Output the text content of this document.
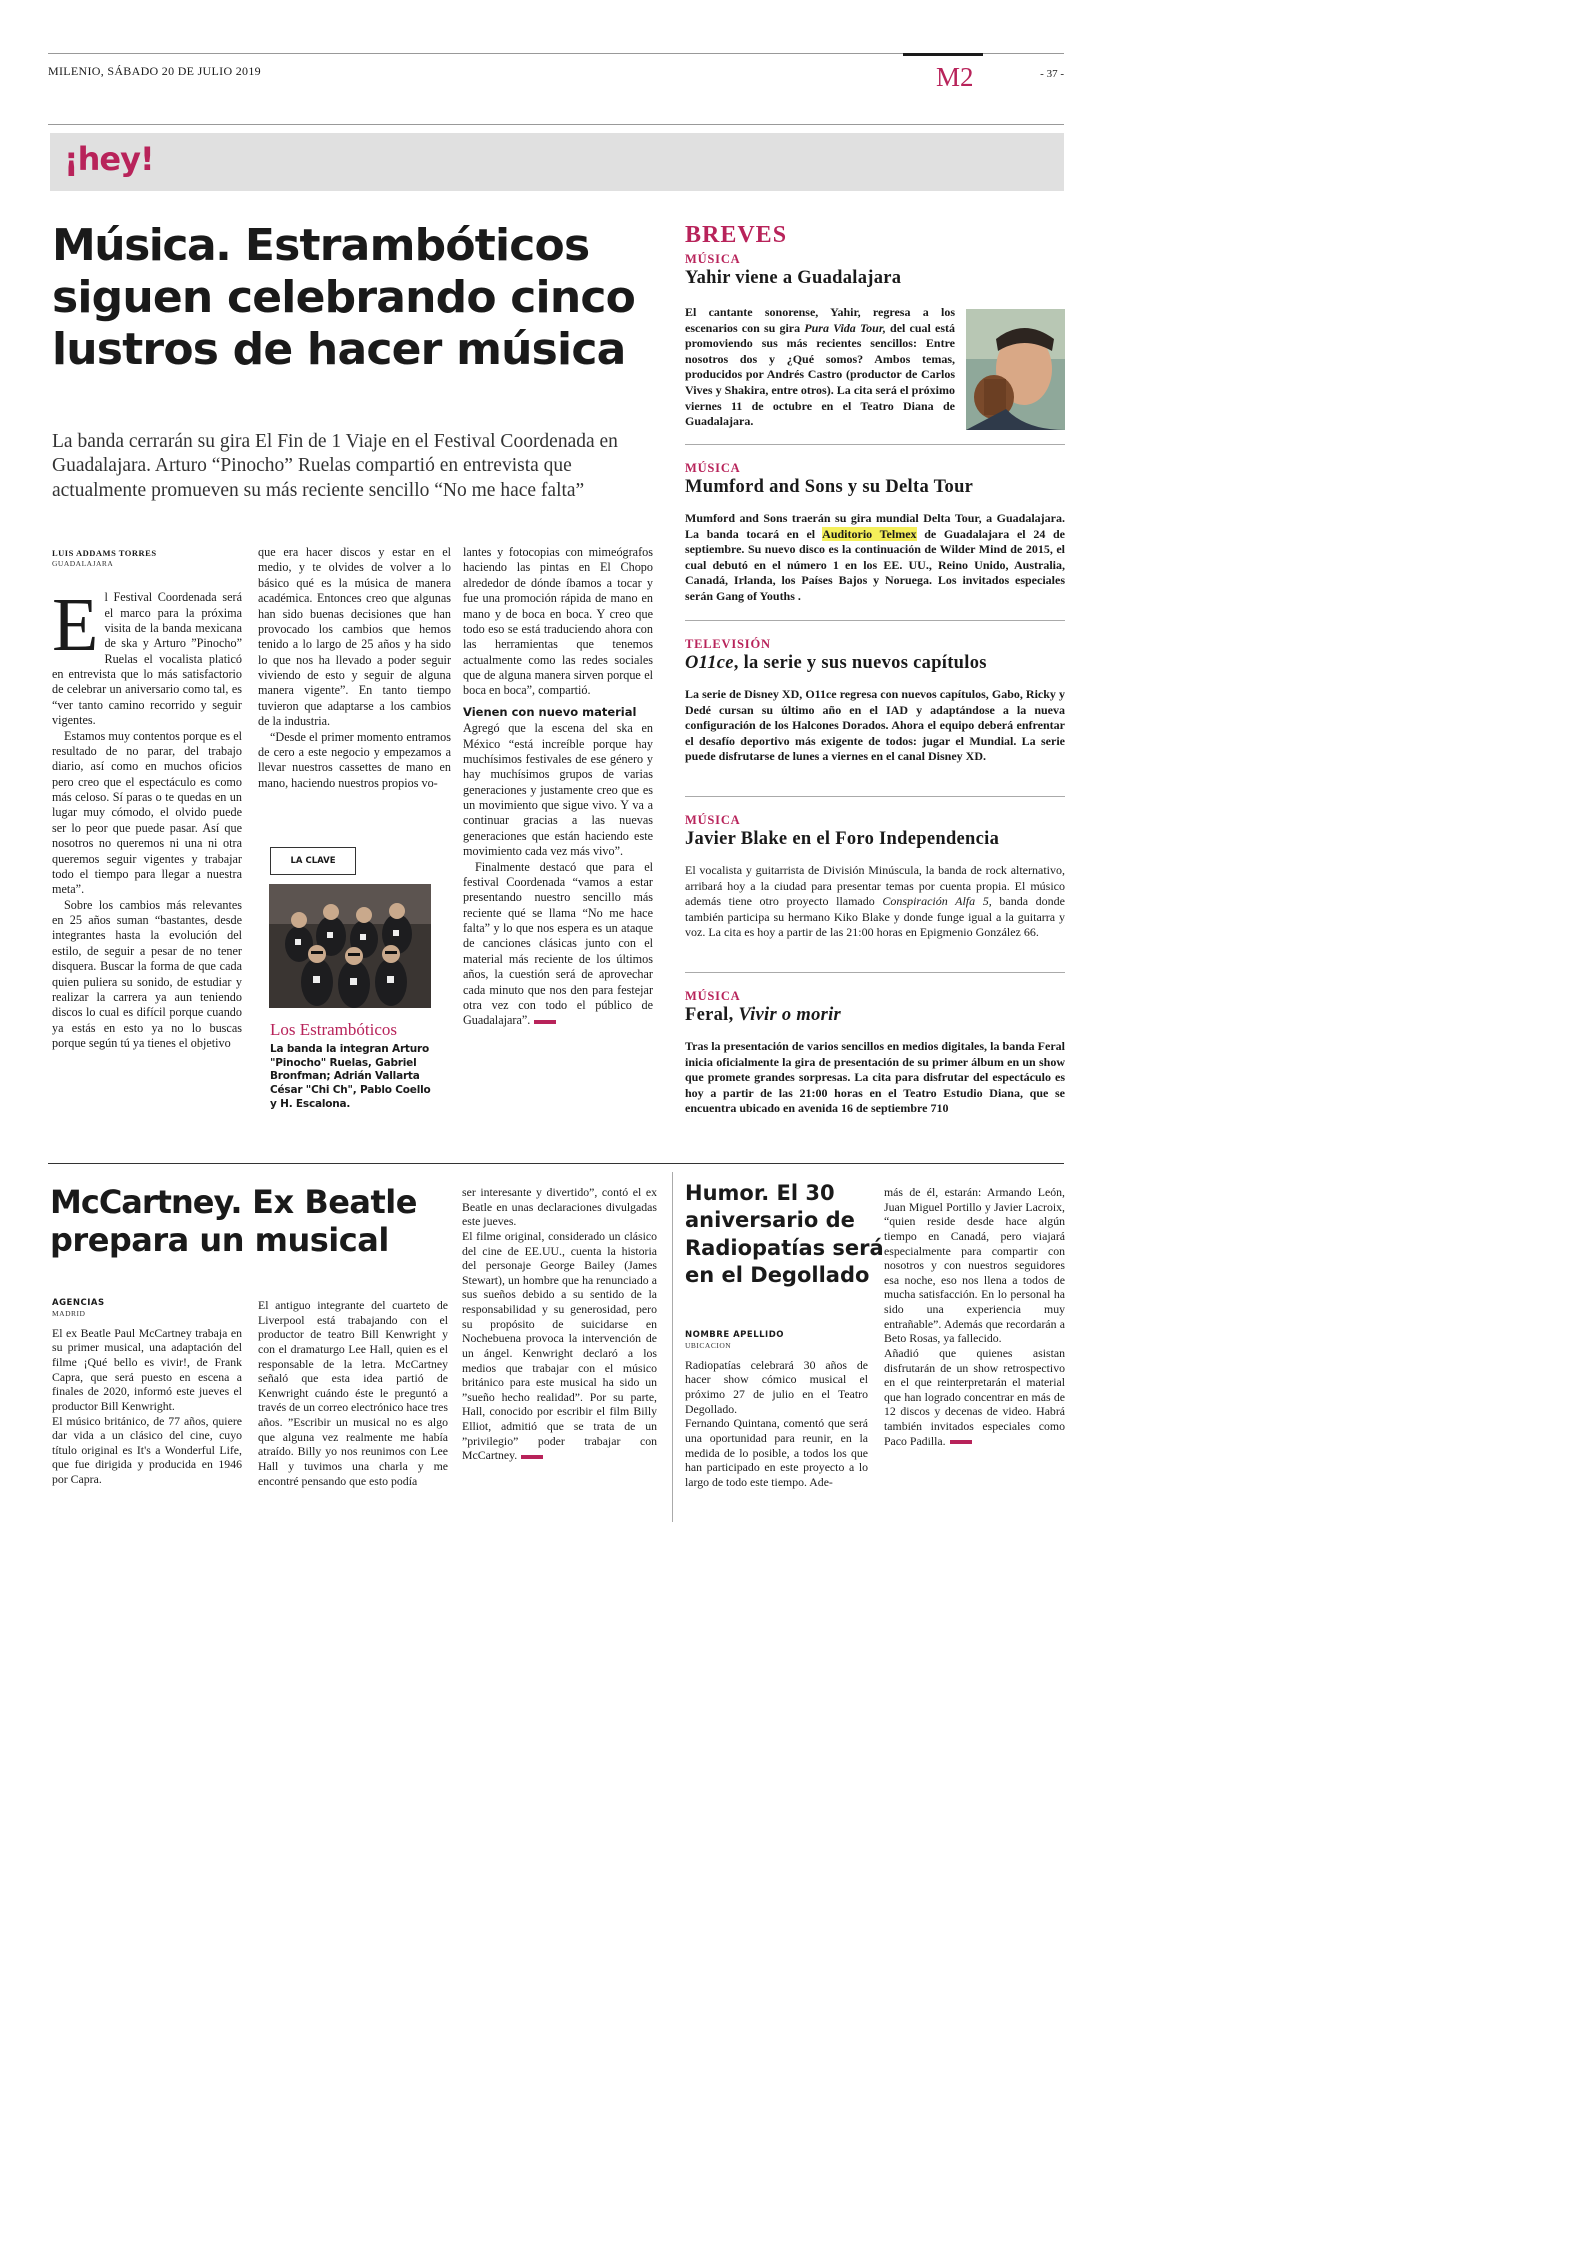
MILENIO, SÁBADO 20 DE JULIO 2019	M2	- 37 -
¡hey!
Música. Estrambóticos siguen celebrando cinco lustros de hacer música
La banda cerrarán su gira El Fin de 1 Viaje en el Festival Coordenada en Guadalajara. Arturo “Pinocho” Ruelas compartió en entrevista que actualmente promueven su más reciente sencillo “No me hace falta”
LUIS ADDAMS TORRES
GUADALAJARA
E l Festival Coordenada será el marco para la próxima visita de la banda mexicana de ska y Arturo ”Pinocho” Ruelas el vocalista platicó en entrevista que lo más satisfactorio de celebrar un aniversario como tal, es “ver tanto camino recorrido y seguir vigentes.

Estamos muy contentos porque es el resultado de no parar, del trabajo diario, así como en muchos oficios pero creo que el espectáculo es como más celoso. Sí paras o te quedas en un lugar muy cómodo, el olvido puede ser lo peor que puede pasar. Así que nosotros no queremos ni una ni otra queremos seguir vigentes y trabajar todo el tiempo para llegar a nuestra meta”.

Sobre los cambios más relevantes en 25 años suman “bastantes, desde integrantes hasta la evolución del estilo, de seguir a pesar de no tener disquera. Buscar la forma de que cada quien puliera su sonido, de estudiar y realizar la carrera ya aun teniendo discos lo cual es difícil porque cuando ya estás en esto ya no lo buscas porque según tú ya tienes el objetivo

que era hacer discos y estar en el medio, y te olvides de volver a lo básico qué es la música de manera académica. Entonces creo que algunas han sido buenas decisiones que han provocado los cambios que hemos tenido a lo largo de 25 años y ha sido lo que nos ha llevado a poder seguir viviendo de esto y seguir de alguna manera vigente”. En tanto tiempo tuvieron que adaptarse a los cambios de la industria.

“Desde el primer momento entramos de cero a este negocio y empezamos a llevar nuestros cassettes de mano en mano, haciendo nuestros propios vo-

LA CLAVE
Los Estrambóticos
La banda la integran Arturo "Pinocho" Ruelas, Gabriel Bronfman; Adrián Vallarta César "Chi Ch", Pablo Coello y H. Escalona.

lantes y fotocopias con mimeógrafos haciendo las pintas en El Chopo alrededor de dónde íbamos a tocar y fue una promoción rápida de mano en mano y de boca en boca. Y creo que todo eso se está traduciendo ahora con las herramientas que tenemos actualmente como las redes sociales que de alguna manera sirven porque el boca en boca”, compartió.

Vienen con nuevo material

Agregó que la escena del ska en México “está increíble porque hay muchísimos festivales de ese género y hay muchísimos grupos de varias generaciones y justamente creo que es un movimiento que sigue vivo. Y va a continuar gracias a las nuevas generaciones que están haciendo este movimiento cada vez más vivo”.

Finalmente destacó que para el festival Coordenada “vamos a estar presentando nuestro sencillo más reciente qué se llama “No me hace falta” y lo que nos espera es un ataque de canciones clásicas junto con el material más reciente de los últimos años, la cuestión será de aprovechar cada minuto que nos den para festejar otra vez con todo el público de Guadalajara”.

BREVES
MÚSICA
Yahir viene a Guadalajara
El cantante sonorense, Yahir, regresa a los escenarios con su gira Pura Vida Tour, del cual está promoviendo sus más recientes sencillos: Entre nosotros dos y ¿Qué somos? Ambos temas, producidos por Andrés Castro (productor de Carlos Vives y Shakira, entre otros). La cita será el próximo viernes 11 de octubre en el Teatro Diana de Guadalajara.
MÚSICA
Mumford and Sons y su Delta Tour
Mumford and Sons traerán su gira mundial Delta Tour, a Guadalajara. La banda tocará en el Auditorio Telmex de Guadalajara el 24 de septiembre. Su nuevo disco es la continuación de Wilder Mind de 2015, el cual debutó en el número 1 en los EE. UU., Reino Unido, Australia, Canadá, Irlanda, los Países Bajos y Noruega. Los invitados especiales serán Gang of Youths .
TELEVISIÓN
O11ce, la serie y sus nuevos capítulos
La serie de Disney XD, O11ce regresa con nuevos capítulos, Gabo, Ricky y Dedé cursan su último año en el IAD y adaptándose a la nueva configuración de los Halcones Dorados. Ahora el equipo deberá enfrentar el desafío deportivo más exigente de todos: jugar el Mundial. La serie puede disfrutarse de lunes a viernes en el canal Disney XD.
MÚSICA
Javier Blake en el Foro Independencia
El vocalista y guitarrista de División Minúscula, la banda de rock alternativo, arribará hoy a la ciudad para presentar temas por cuenta propia. El músico además tiene otro proyecto llamado Conspiración Alfa 5, banda donde también participa su hermano Kiko Blake y donde funge igual a la guitarra y voz. La cita es hoy a partir de las 21:00 horas en Epigmenio González 66.
MÚSICA
Feral, Vivir o morir
Tras la presentación de varios sencillos en medios digitales, la banda Feral inicia oficialmente la gira de presentación de su primer álbum en un show que promete grandes sorpresas. La cita para disfrutar del espectáculo es hoy a partir de las 21:00 horas en el Teatro Estudio Diana, que se encuentra ubicado en avenida 16 de septiembre 710
McCartney. Ex Beatle prepara un musical
AGENCIAS
MADRID

El ex Beatle Paul McCartney trabaja en su primer musical, una adaptación del filme ¡Qué bello es vivir!, de Frank Capra, que será puesto en escena a finales de 2020, informó este jueves el productor Bill Kenwright.

El músico británico, de 77 años, quiere dar vida a un clásico del cine, cuyo título original es It's a Wonderful Life, que fue dirigida y producida en 1946 por Capra.

El antiguo integrante del cuarteto de Liverpool está trabajando con el productor de teatro Bill Kenwright y con el dramaturgo Lee Hall, quien es el responsable de la letra. McCartney señaló que esta idea partió de Kenwright cuándo éste le preguntó a través de un correo electrónico hace tres años. ”Escribir un musical no es algo que alguna vez realmente me había atraído. Billy yo nos reunimos con Lee Hall y tuvimos una charla y me encontré pensando que esto podía

ser interesante y divertido”, contó el ex Beatle en unas declaraciones divulgadas este jueves.

El filme original, considerado un clásico del cine de EE.UU., cuenta la historia del personaje George Bailey (James Stewart), un hombre que ha renunciado a sus sueños debido a su sentido de la responsabilidad y su generosidad, pero su propósito de suicidarse en Nochebuena provoca la intervención de un ángel. Kenwright declaró a los medios que trabajar con el músico británico para este musical ha sido un ”sueño hecho realidad”. Por su parte, Hall, conocido por escribir el film Billy Elliot, admitió que se trata de un ”privilegio” poder trabajar con McCartney.

Humor. El 30 aniversario de Radiopatías será en el Degollado
NOMBRE APELLIDO
UBICACION

Radiopatías celebrará 30 años de hacer show cómico musical el próximo 27 de julio en el Teatro Degollado.

Fernando Quintana, comentó que será una oportunidad para reunir, en la medida de lo posible, a todos los que han participado en este proyecto a lo largo de todo este tiempo. Ade-

más de él, estarán: Armando León, Juan Miguel Portillo y Javier Lacroix, “quien reside desde hace algún tiempo en Canadá, pero viajará especialmente para compartir con nosotros y con nuestros seguidores esa noche, eso nos llena a todos de mucha satisfacción. En lo personal ha sido una experiencia muy entrañable”. Además que recordarán a Beto Rosas, ya fallecido.

Añadió que quienes asistan disfrutarán de un show retrospectivo en el que reinterpretarán el material que han logrado concentrar en más de 12 discos y decenas de video. Habrá también invitados especiales como Paco Padilla.
